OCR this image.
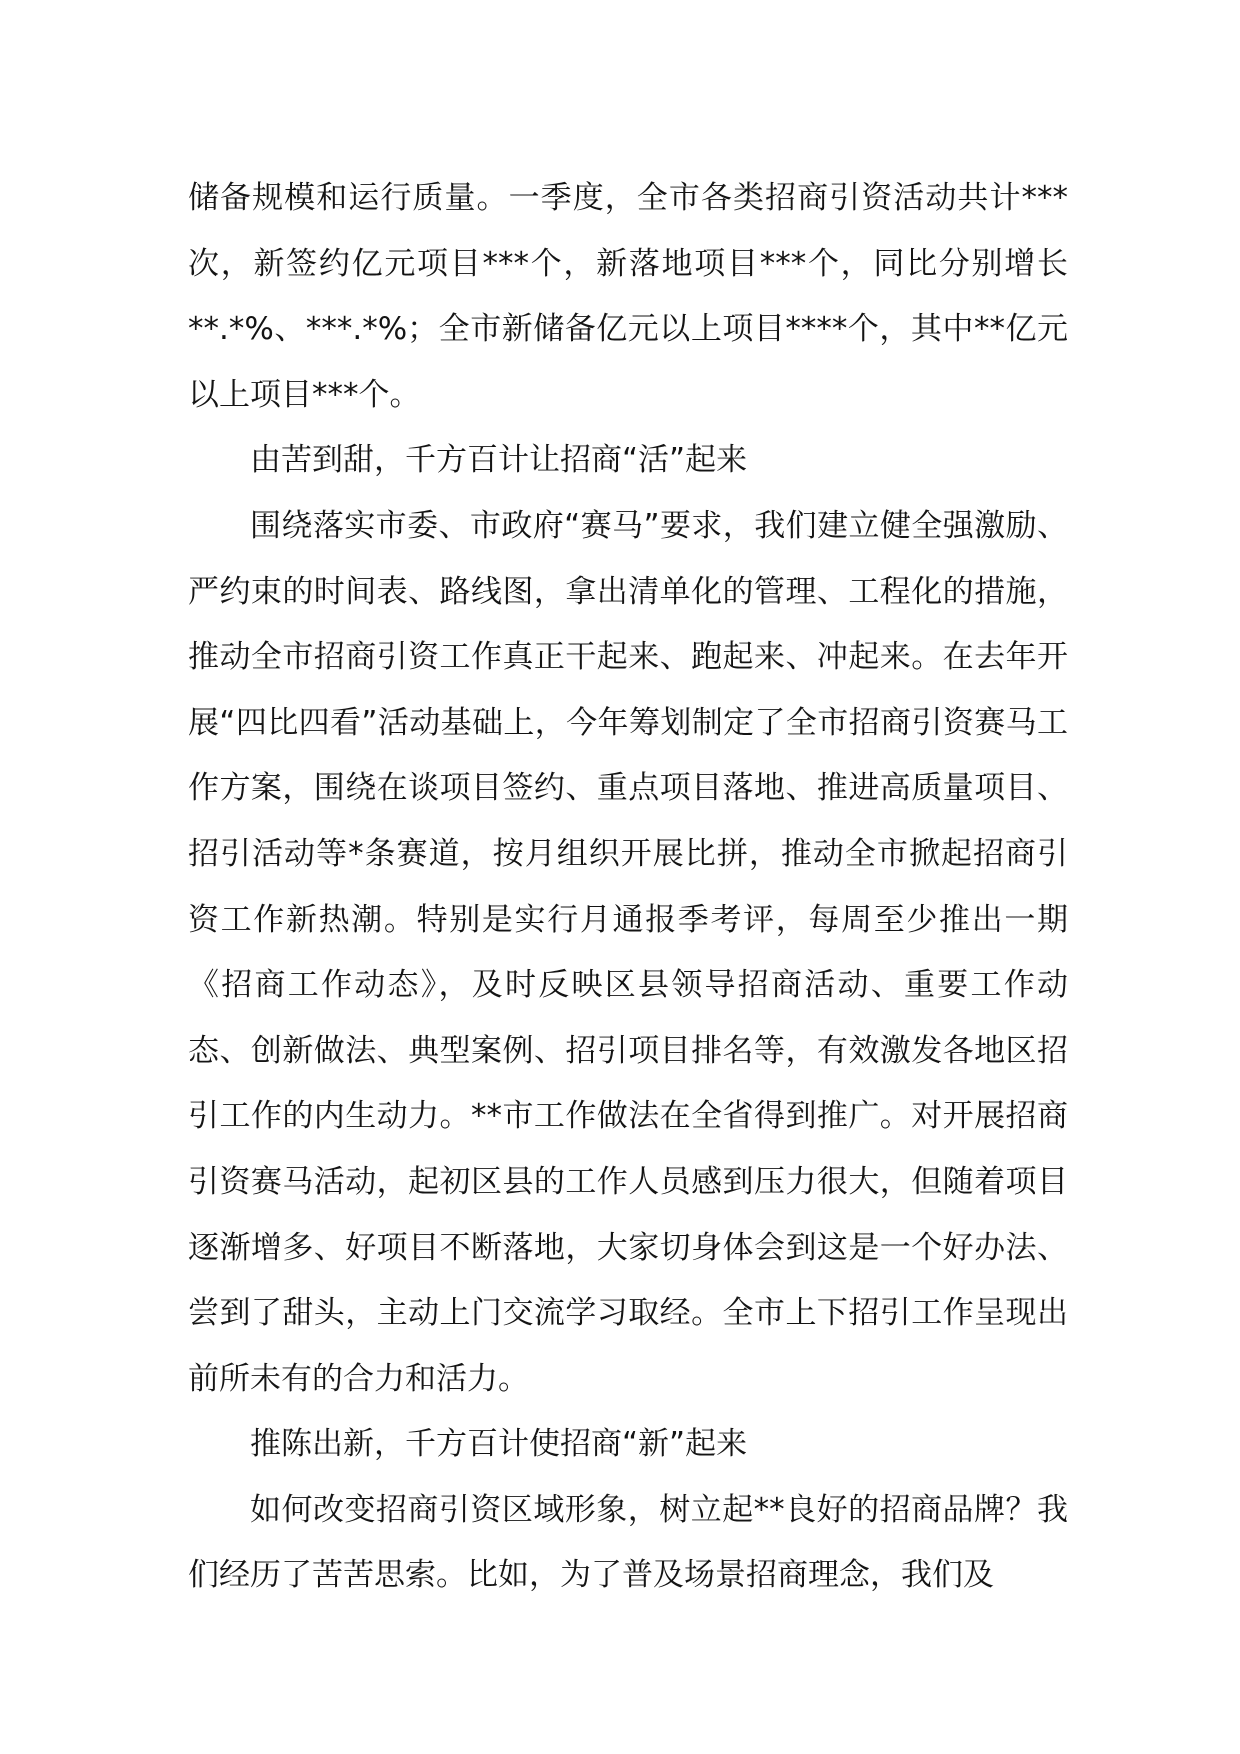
储备规模和运行质量。一季度，全市各类招商引资活动共计***次，新签约亿元项目***个，新落地项目***个，同比分别增长**.*%、***.*%；全市新储备亿元以上项目****个，其中**亿元以上项目***个。

由苦到甜，千方百计让招商“活”起来

围绕落实市委、市政府“赛马”要求，我们建立健全强激励、严约束的时间表、路线图，拿出清单化的管理、工程化的措施，推动全市招商引资工作真正干起来、跑起来、冲起来。在去年开展“四比四看”活动基础上，今年筹划制定了全市招商引资赛马工作方案，围绕在谈项目签约、重点项目落地、推进高质量项目、招引活动等*条赛道，按月组织开展比拼，推动全市掀起招商引资工作新热潮。特别是实行月通报季考评，每周至少推出一期《招商工作动态》，及时反映区县领导招商活动、重要工作动态、创新做法、典型案例、招引项目排名等，有效激发各地区招引工作的内生动力。**市工作做法在全省得到推广。对开展招商引资赛马活动，起初区县的工作人员感到压力很大，但随着项目逐渐增多、好项目不断落地，大家切身体会到这是一个好办法、尝到了甜头，主动上门交流学习取经。全市上下招引工作呈现出前所未有的合力和活力。

推陈出新，千方百计使招商“新”起来

如何改变招商引资区域形象，树立起**良好的招商品牌？我们经历了苦苦思索。比如，为了普及场景招商理念，我们及
